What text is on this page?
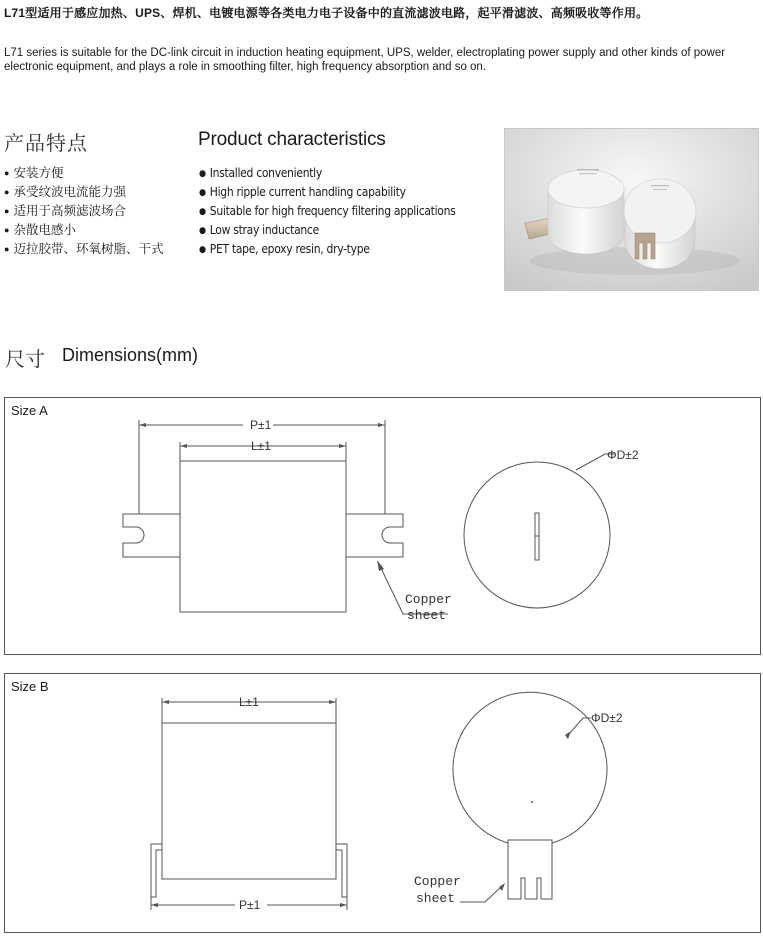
L71型适用于感应加热、UPS、焊机、电镀电源等各类电力电子设备中的直流滤波电路，起平滑滤波、高频吸收等作用。
L71 series is suitable for the DC-link circuit in induction heating equipment, UPS, welder, electroplating power supply and other kinds of power electronic equipment, and plays a role in smoothing filter, high frequency absorption and so on.
产品特点	Product characteristics
● 安装方便
● 承受纹波电流能力强
● 适用于高频滤波场合
● 杂散电感小
● 迈拉胶带、环氧树脂、干式
● Installed conveniently
● High ripple current handling capability
● Suitable for high frequency filtering applications
● Low stray inductance
● PET tape, epoxy resin, dry-type
尺寸 Dimensions(mm)
Size A
P±1
L±1
ΦD±2
Copper
sheet
Size B
L±1
P±1
ΦD±2
Copper
sheet
